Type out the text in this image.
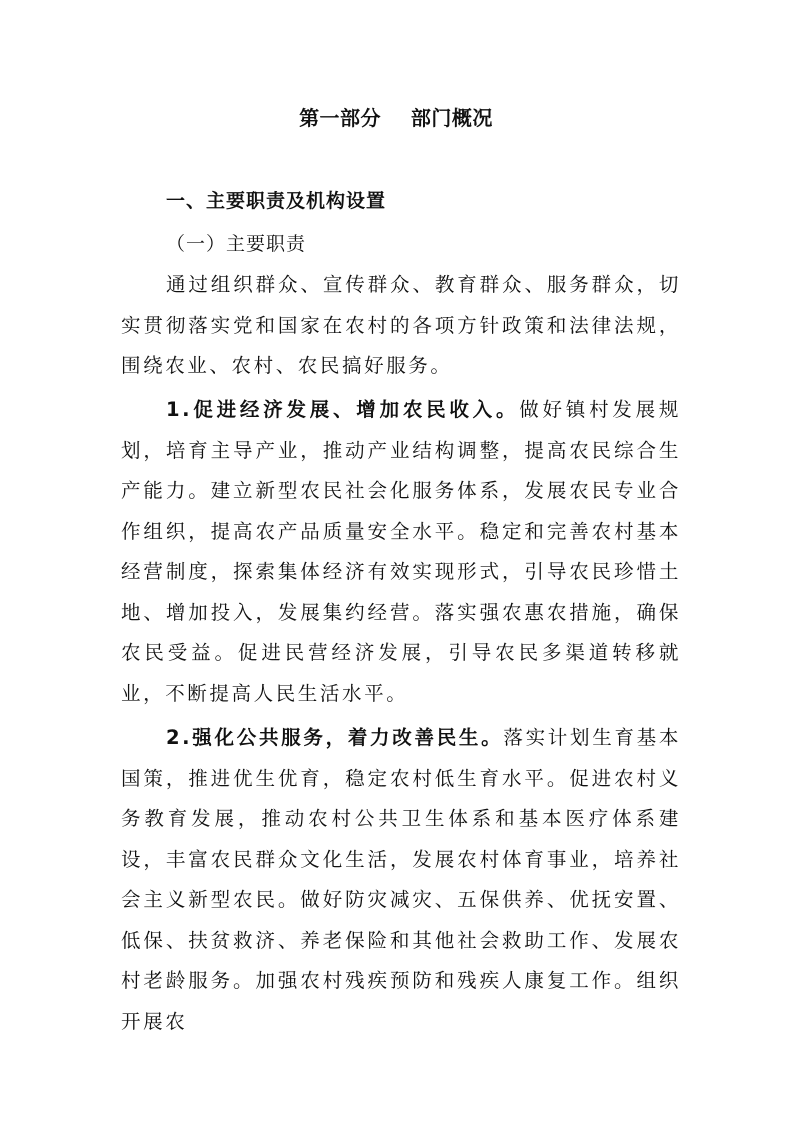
第一部分    部门概况
一、主要职责及机构设置
（一）主要职责

通过组织群众、宣传群众、教育群众、服务群众，切实贯彻落实党和国家在农村的各项方针政策和法律法规，围绕农业、农村、农民搞好服务。

1.促进经济发展、增加农民收入。做好镇村发展规划，培育主导产业，推动产业结构调整，提高农民综合生产能力。建立新型农民社会化服务体系，发展农民专业合作组织，提高农产品质量安全水平。稳定和完善农村基本经营制度，探索集体经济有效实现形式，引导农民珍惜土地、增加投入，发展集约经营。落实强农惠农措施，确保农民受益。促进民营经济发展，引导农民多渠道转移就业，不断提高人民生活水平。

2.强化公共服务，着力改善民生。落实计划生育基本国策，推进优生优育，稳定农村低生育水平。促进农村义务教育发展，推动农村公共卫生体系和基本医疗体系建设，丰富农民群众文化生活，发展农村体育事业，培养社会主义新型农民。做好防灾减灾、五保供养、优抚安置、低保、扶贫救济、养老保险和其他社会救助工作、发展农村老龄服务。加强农村残疾预防和残疾人康复工作。组织开展农
